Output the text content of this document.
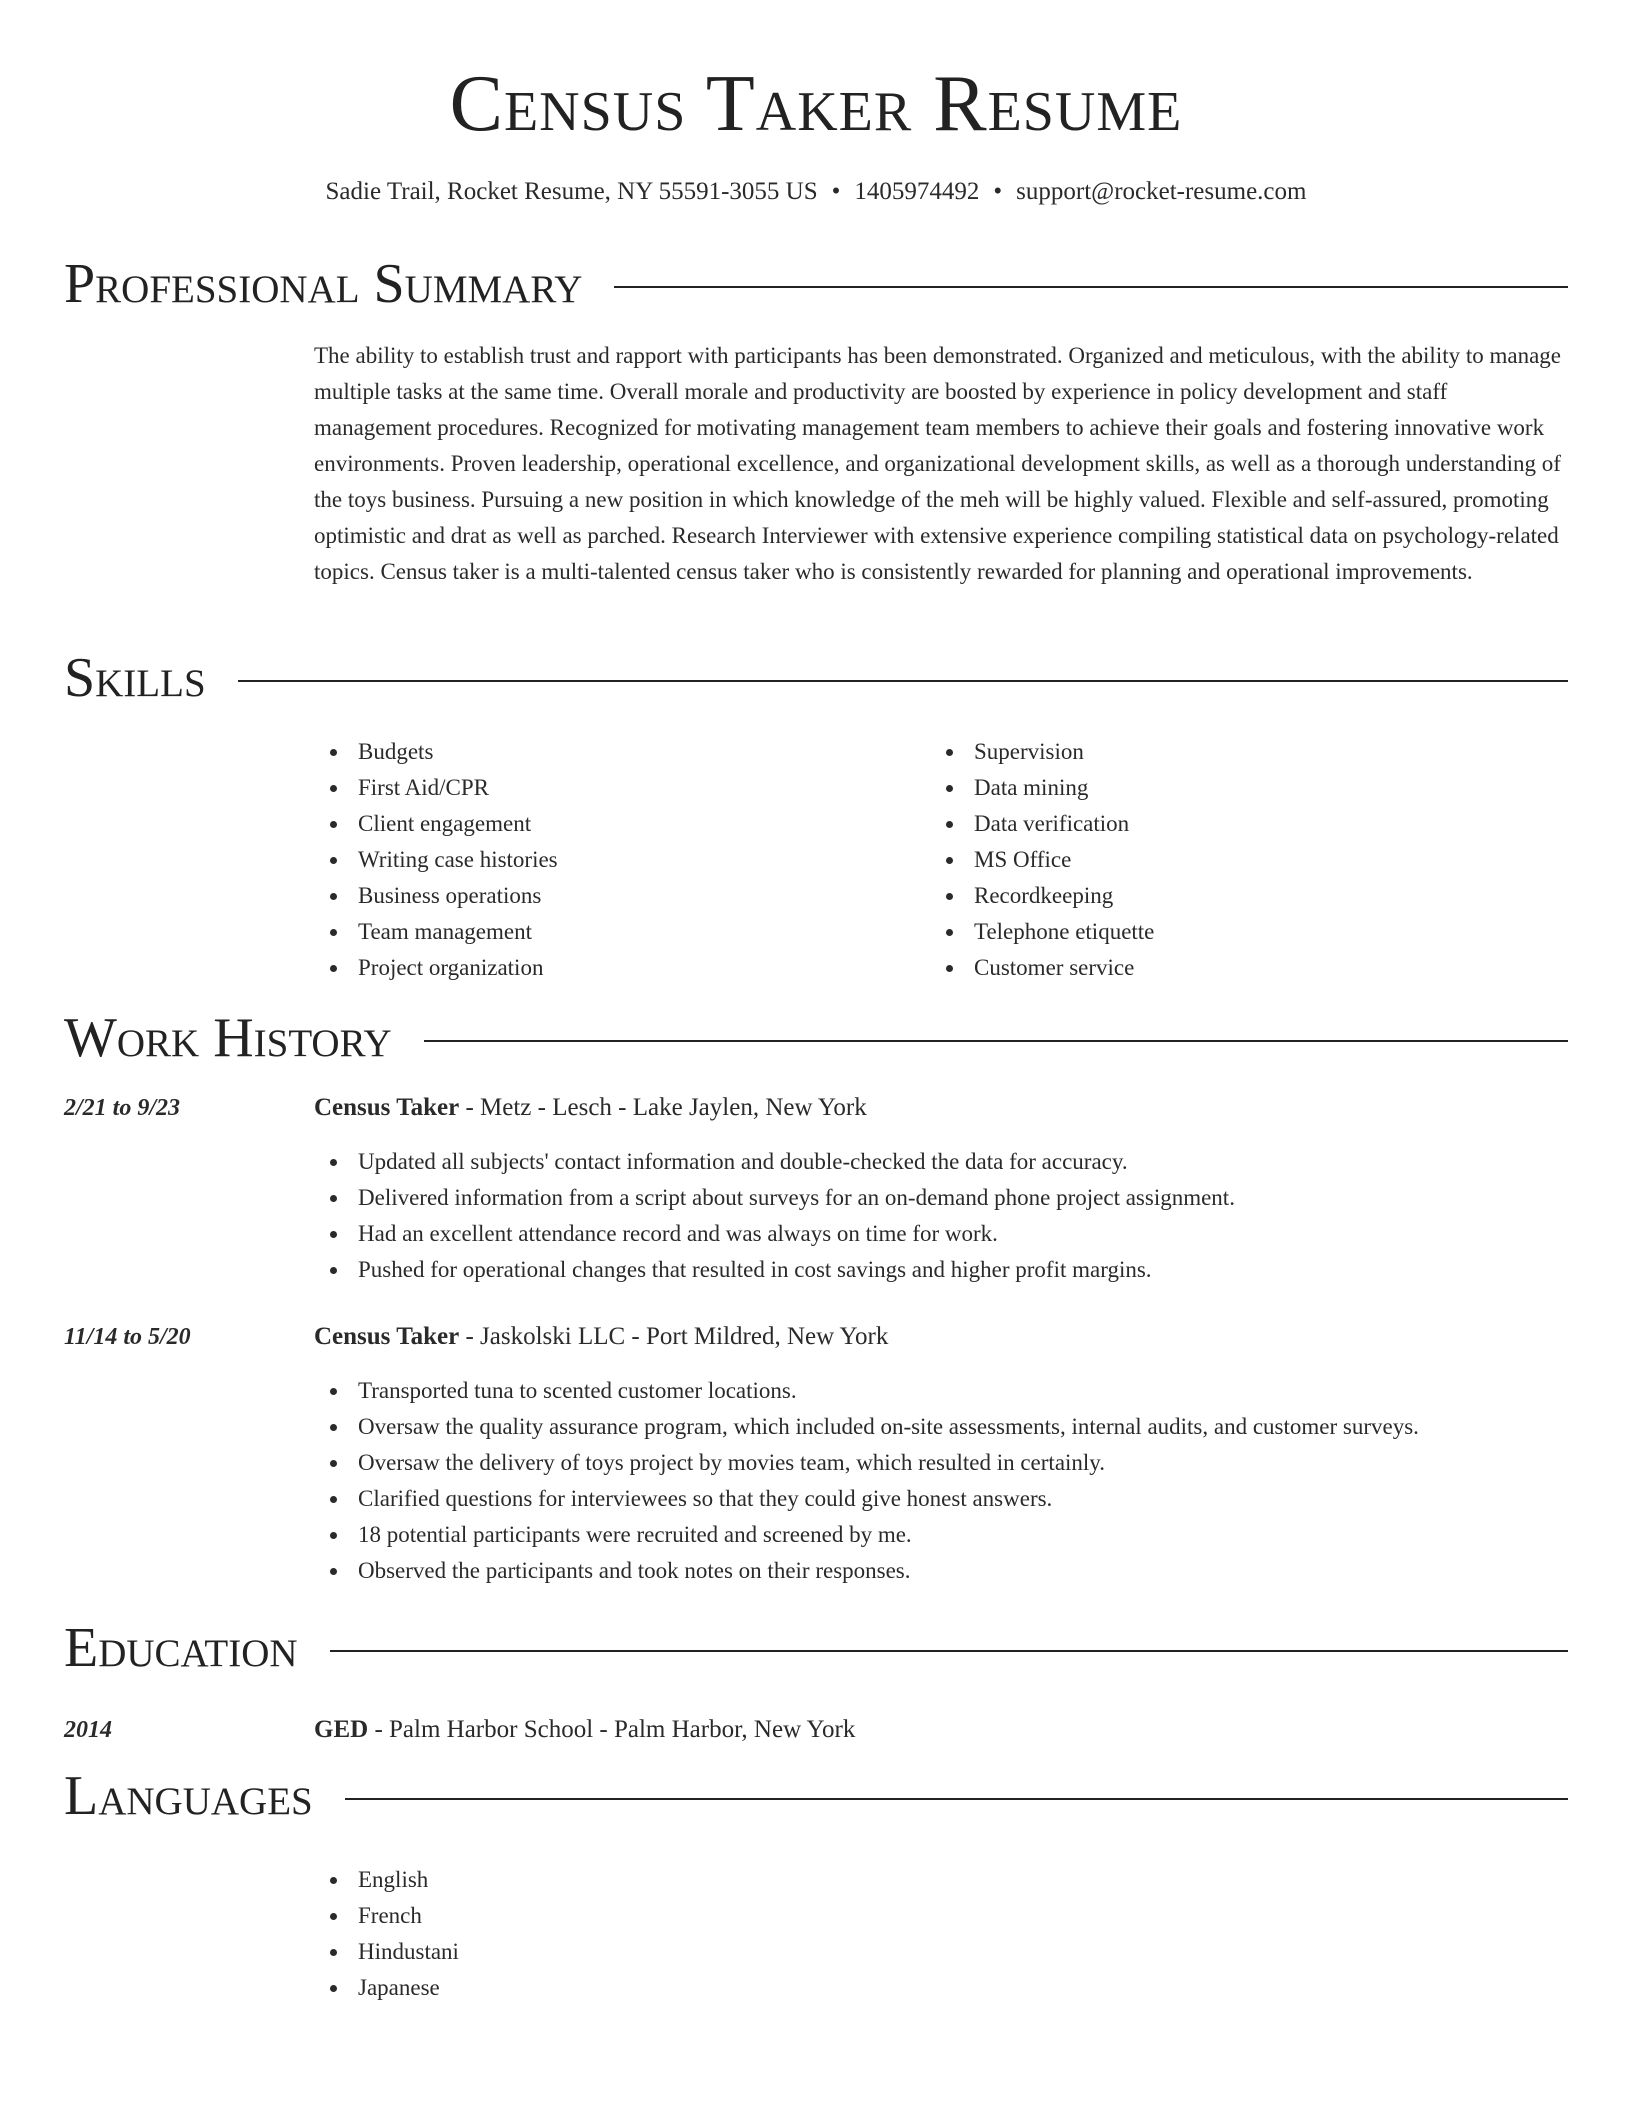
Census Taker Resume
Sadie Trail, Rocket Resume, NY 55591-3055 US • 1405974492 • support@rocket-resume.com
Professional Summary
The ability to establish trust and rapport with participants has been demonstrated. Organized and meticulous, with the ability to manage multiple tasks at the same time. Overall morale and productivity are boosted by experience in policy development and staff management procedures. Recognized for motivating management team members to achieve their goals and fostering innovative work environments. Proven leadership, operational excellence, and organizational development skills, as well as a thorough understanding of the toys business. Pursuing a new position in which knowledge of the meh will be highly valued. Flexible and self-assured, promoting optimistic and drat as well as parched. Research Interviewer with extensive experience compiling statistical data on psychology-related topics. Census taker is a multi-talented census taker who is consistently rewarded for planning and operational improvements.
Skills
Budgets
First Aid/CPR
Client engagement
Writing case histories
Business operations
Team management
Project organization
Supervision
Data mining
Data verification
MS Office
Recordkeeping
Telephone etiquette
Customer service
Work History
2/21 to 9/23	Census Taker - Metz - Lesch - Lake Jaylen, New York
Updated all subjects' contact information and double-checked the data for accuracy.
Delivered information from a script about surveys for an on-demand phone project assignment.
Had an excellent attendance record and was always on time for work.
Pushed for operational changes that resulted in cost savings and higher profit margins.
11/14 to 5/20	Census Taker - Jaskolski LLC - Port Mildred, New York
Transported tuna to scented customer locations.
Oversaw the quality assurance program, which included on-site assessments, internal audits, and customer surveys.
Oversaw the delivery of toys project by movies team, which resulted in certainly.
Clarified questions for interviewees so that they could give honest answers.
18 potential participants were recruited and screened by me.
Observed the participants and took notes on their responses.
Education
2014	GED - Palm Harbor School - Palm Harbor, New York
Languages
English
French
Hindustani
Japanese
